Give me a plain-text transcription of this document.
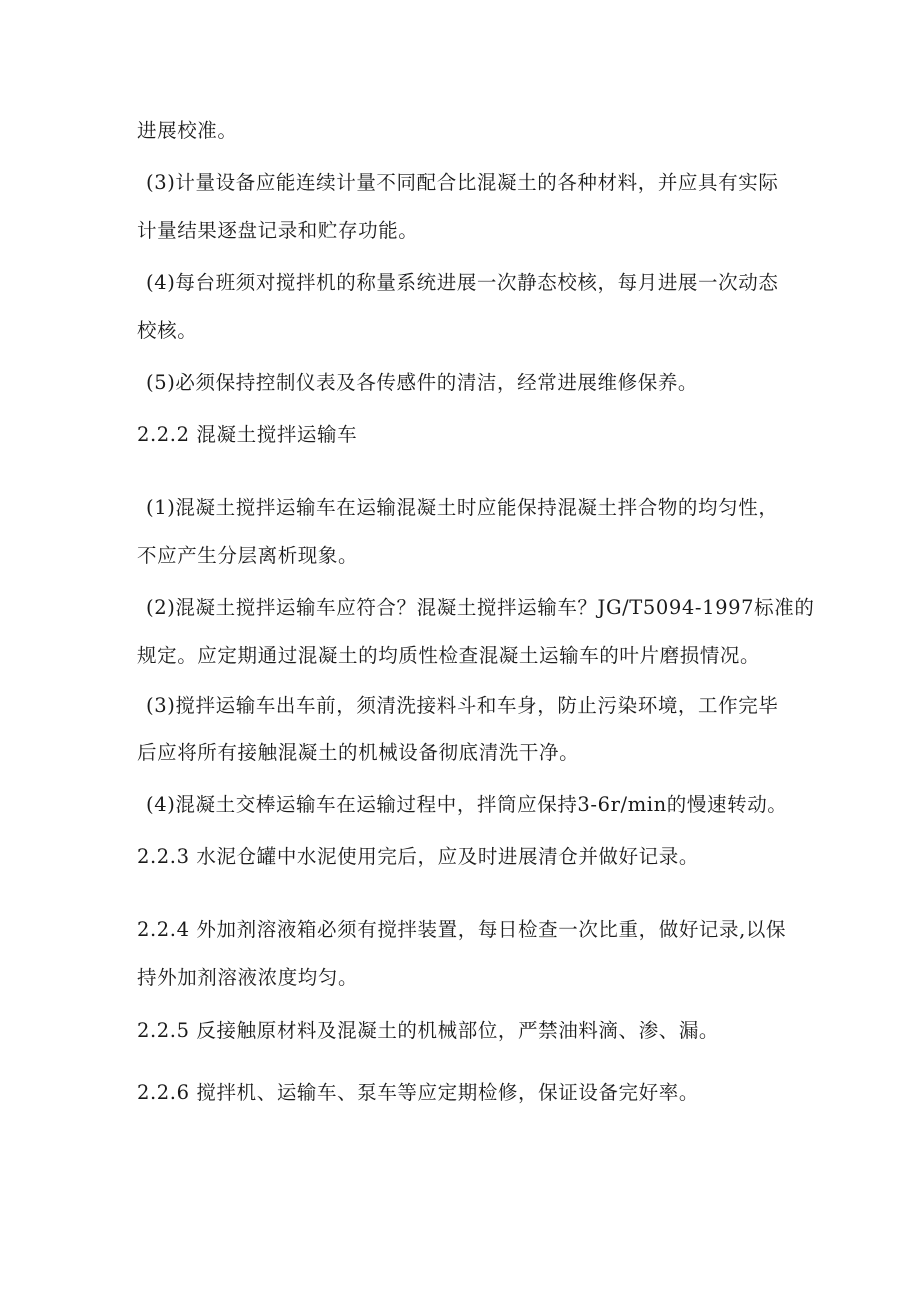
进展校准。

(3)计量设备应能连续计量不同配合比混凝土的各种材料，并应具有实际

计量结果逐盘记录和贮存功能。

(4)每台班须对搅拌机的称量系统进展一次静态校核，每月进展一次动态

校核。

(5)必须保持控制仪表及各传感件的清洁，经常进展维修保养。

2.2.2 混凝土搅拌运输车

(1)混凝土搅拌运输车在运输混凝土时应能保持混凝土拌合物的均匀性，

不应产生分层离析现象。

(2)混凝土搅拌运输车应符合？混凝土搅拌运输车？JG/T5094-1997标准的

规定。应定期通过混凝土的均质性检查混凝土运输车的叶片磨损情况。

(3)搅拌运输车出车前，须清洗接料斗和车身，防止污染环境，工作完毕

后应将所有接触混凝土的机械设备彻底清洗干净。

(4)混凝土交棒运输车在运输过程中，拌筒应保持3-6r/min的慢速转动。

2.2.3 水泥仓罐中水泥使用完后，应及时进展清仓并做好记录。

2.2.4 外加剂溶液箱必须有搅拌装置，每日检查一次比重，做好记录,以保

持外加剂溶液浓度均匀。

2.2.5 反接触原材料及混凝土的机械部位，严禁油料滴、渗、漏。

2.2.6 搅拌机、运输车、泵车等应定期检修，保证设备完好率。
